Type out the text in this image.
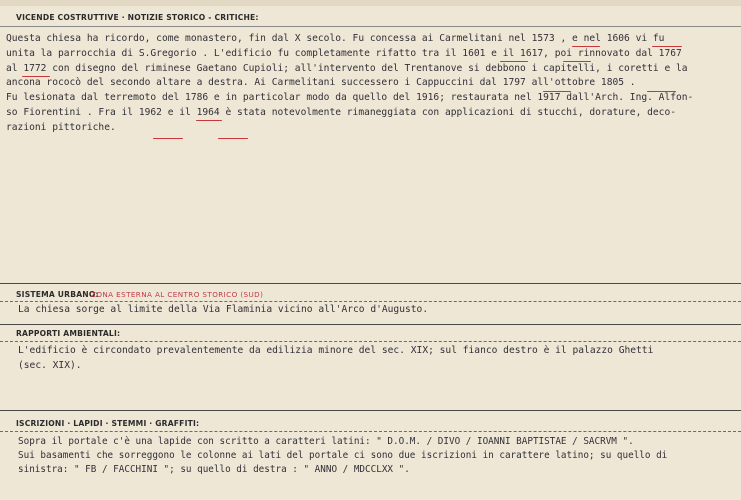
VICENDE COSTRUTTIVE · NOTIZIE STORICO - CRITICHE:
Questa chiesa ha ricordo, come monastero, fin dal X secolo. Fu concessa ai Carmelitani nel 1573 , e nel 1606 vi fu
unita la parrocchia di S.Gregorio . L'edificio fu completamente rifatto tra il 1601 e il 1617, poi rinnovato dal 1767
al 1772 con disegno del riminese Gaetano Cupioli; all'intervento del Trentanove si debbono i capitelli, i coretti e la
ancona rococò del secondo altare a destra. Ai Carmelitani successero i Cappuccini dal 1797 all'ottobre 1805 .
Fu lesionata dal terremoto del 1786 e in particolar modo da quello del 1916; restaurata nel 1917 dall'Arch. Ing. Alfon-
so Fiorentini . Fra il 1962 e il 1964 è stata notevolmente rimaneggiata con applicazioni di stucchi, dorature, deco-
razioni pittoriche.
SISTEMA URBANO:
ZONA ESTERNA AL CENTRO STORICO (SUD)
La chiesa sorge al limite della Via Flaminia vicino all'Arco d'Augusto.
RAPPORTI AMBIENTALI:
L'edificio è circondato prevalentemente da edilizia minore del sec. XIX; sul fianco destro è il palazzo Ghetti
(sec. XIX).
ISCRIZIONI · LAPIDI · STEMMI · GRAFFITI:
Sopra il portale c'è una lapide con scritto a caratteri latini: " D.O.M. / DIVO / IOANNI BAPTISTAE / SACRVM ".
Sui basamenti che sorreggono le colonne ai lati del portale ci sono due iscrizioni in carattere latino; su quello di
sinistra: " FB / FACCHINI "; su quello di destra : " ANNO / MDCCLXX ".
